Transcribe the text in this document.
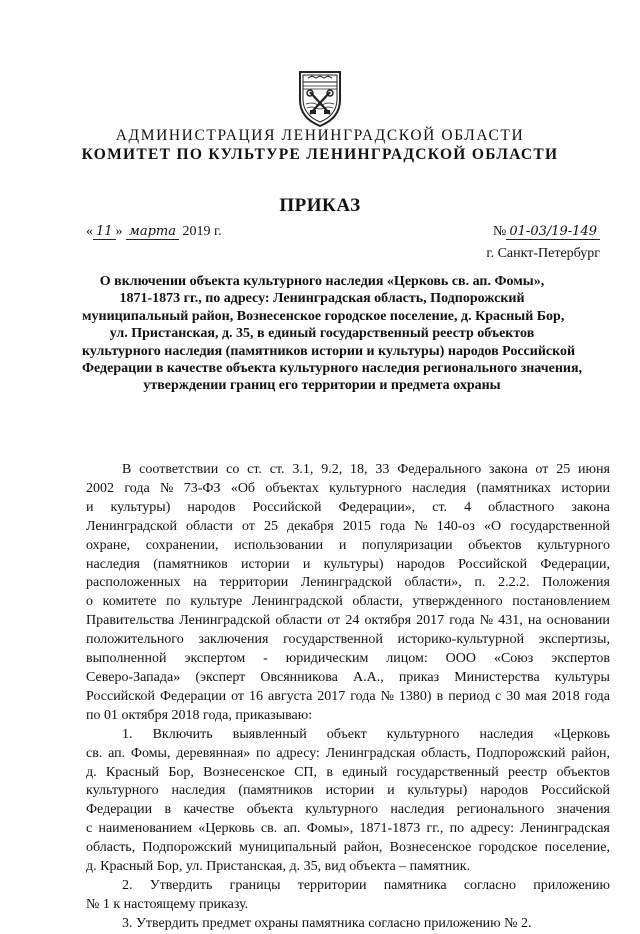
АДМИНИСТРАЦИЯ ЛЕНИНГРАДСКОЙ ОБЛАСТИ
КОМИТЕТ ПО КУЛЬТУРЕ ЛЕНИНГРАДСКОЙ ОБЛАСТИ
ПРИКАЗ
« 11 » марта 2019 г.	№ 01-03/19-149
г. Санкт-Петербург
О включении объекта культурного наследия «Церковь св. ап. Фомы»,
1871-1873 гг., по адресу: Ленинградская область, Подпорожский
муниципальный район, Вознесенское городское поселение, д. Красный Бор,
ул. Пристанская, д. 35, в единый государственный реестр объектов
культурного наследия (памятников истории и культуры) народов Российской
Федерации в качестве объекта культурного наследия регионального значения,
утверждении границ его территории и предмета охраны
В соответствии со ст. ст. 3.1, 9.2, 18, 33 Федерального закона от 25 июня
2002 года № 73-ФЗ «Об объектах культурного наследия (памятниках истории
и культуры) народов Российской Федерации», ст. 4 областного закона
Ленинградской области от 25 декабря 2015 года № 140-оз «О государственной
охране, сохранении, использовании и популяризации объектов культурного
наследия (памятников истории и культуры) народов Российской Федерации,
расположенных на территории Ленинградской области», п. 2.2.2. Положения
о комитете по культуре Ленинградской области, утвержденного постановлением
Правительства Ленинградской области от 24 октября 2017 года № 431, на основании
положительного заключения государственной историко-культурной экспертизы,
выполненной экспертом - юридическим лицом: ООО «Союз экспертов
Северо-Запада» (эксперт Овсянникова А.А., приказ Министерства культуры
Российской Федерации от 16 августа 2017 года № 1380) в период с 30 мая 2018 года
по 01 октября 2018 года, приказываю:
1. Включить выявленный объект культурного наследия «Церковь
св. ап. Фомы, деревянная» по адресу: Ленинградская область, Подпорожский район,
д. Красный Бор, Вознесенское СП, в единый государственный реестр объектов
культурного наследия (памятников истории и культуры) народов Российской
Федерации в качестве объекта культурного наследия регионального значения
с наименованием «Церковь св. ап. Фомы», 1871-1873 гг., по адресу: Ленинградская
область, Подпорожский муниципальный район, Вознесенское городское поселение,
д. Красный Бор, ул. Пристанская, д. 35, вид объекта – памятник.
2. Утвердить границы территории памятника согласно приложению
№ 1 к настоящему приказу.
3. Утвердить предмет охраны памятника согласно приложению № 2.
